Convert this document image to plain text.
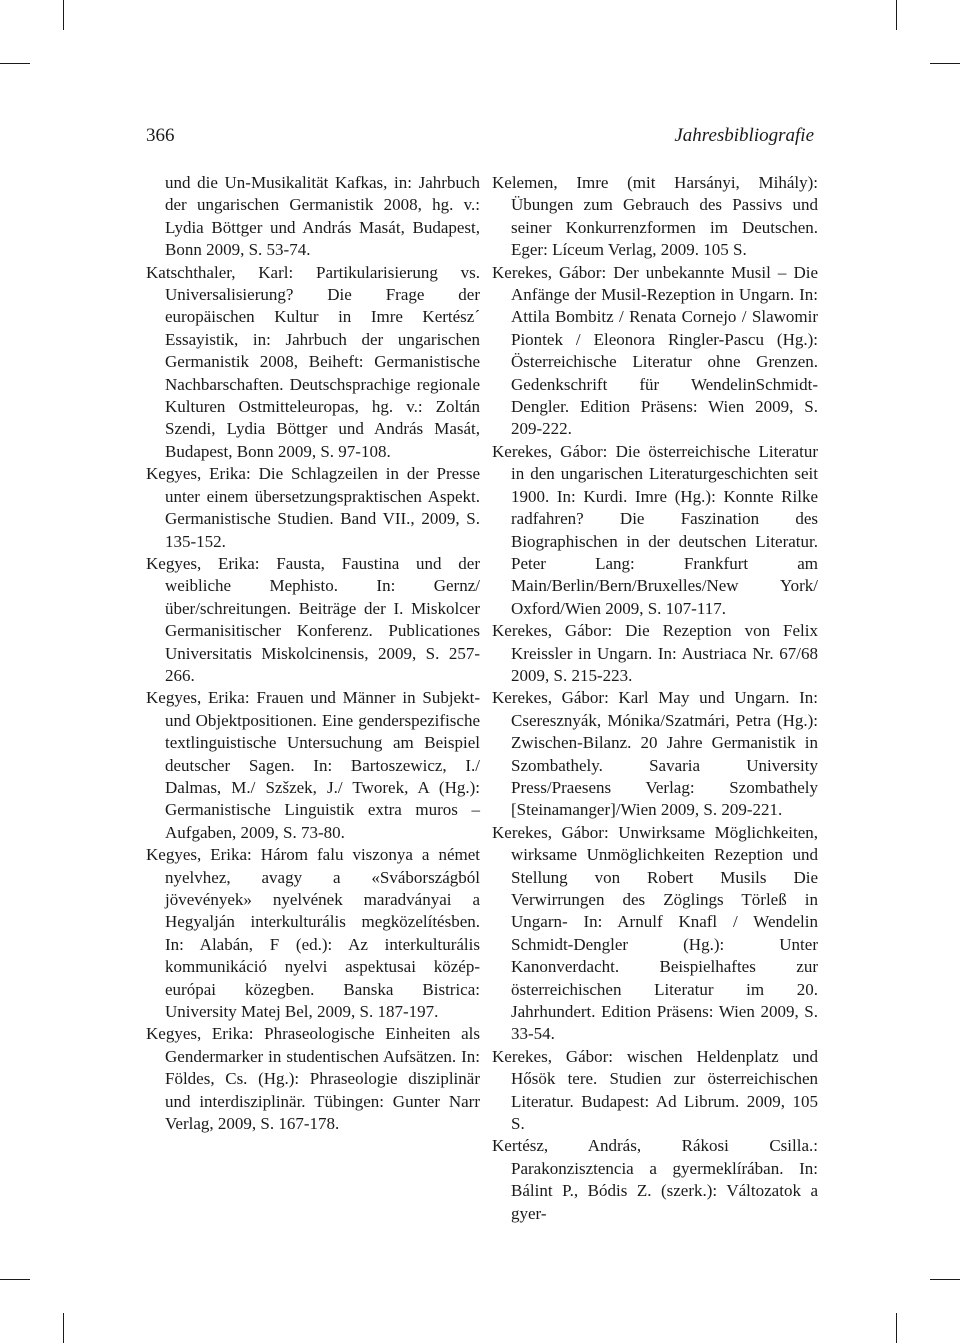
366	Jahresbibliografie

und die Un-Musikalität Kafkas, in: Jahrbuch der ungarischen Germanistik 2008, hg. v.: Lydia Böttger und András Masát, Budapest, Bonn 2009, S. 53-74.

Katschthaler, Karl: Partikularisierung vs. Universalisierung? Die Frage der europäischen Kultur in Imre Kertész´ Essayistik, in: Jahrbuch der ungarischen Germanistik 2008, Beiheft: Germanistische Nachbarschaften. Deutschsprachige regionale Kulturen Ostmitteleuropas, hg. v.: Zoltán Szendi, Lydia Böttger und András Masát, Budapest, Bonn 2009, S. 97-108.

Kegyes, Erika: Die Schlagzeilen in der Presse unter einem übersetzungspraktischen Aspekt. Germanistische Studien. Band VII., 2009, S. 135-152.

Kegyes, Erika: Fausta, Faustina und der weibliche Mephisto. In: Gernz/über/schreitungen. Beiträge der I. Miskolcer Germanisitischer Konferenz. Publicationes Universitatis Miskolcinensis, 2009, S. 257-266.

Kegyes, Erika: Frauen und Männer in Subjekt- und Objektpositionen. Eine genderspezifische textlinguistische Untersuchung am Beispiel deutscher Sagen. In: Bartoszewicz, I./ Dalmas, M./ Szšzek, J./ Tworek, A (Hg.): Germanistische Linguistik extra muros – Aufgaben, 2009, S. 73-80.

Kegyes, Erika: Három falu viszonya a német nyelvhez, avagy a «Svábországból jövevények» nyelvének maradványai a Hegyalján interkulturális megközelítésben. In: Alabán, F (ed.): Az interkulturális kommunikáció nyelvi aspektusai közép-európai közegben. Banska Bistrica: University Matej Bel, 2009, S. 187-197.

Kegyes, Erika: Phraseologische Einheiten als Gendermarker in studentischen Aufsätzen. In: Földes, Cs. (Hg.): Phraseologie disziplinär und interdisziplinär. Tübingen: Gunter Narr Verlag, 2009, S. 167-178.

Kelemen, Imre (mit Harsányi, Mihály): Übungen zum Gebrauch des Passivs und seiner Konkurrenzformen im Deutschen. Eger: Líceum Verlag, 2009. 105 S.

Kerekes, Gábor: Der unbekannte Musil – Die Anfänge der Musil-Rezeption in Ungarn. In: Attila Bombitz / Renata Cornejo / Slawomir Piontek / Eleonora Ringler-Pascu (Hg.): Österreichische Literatur ohne Grenzen. Gedenkschrift für WendelinSchmidt-Dengler. Edition Präsens: Wien 2009, S. 209-222.

Kerekes, Gábor: Die österreichische Literatur in den ungarischen Literaturgeschichten seit 1900. In: Kurdi. Imre (Hg.): Konnte Rilke radfahren? Die Faszination des Biographischen in der deutschen Literatur. Peter Lang: Frankfurt am Main/Berlin/Bern/Bruxelles/New York/ Oxford/Wien 2009, S. 107-117.

Kerekes, Gábor: Die Rezeption von Felix Kreissler in Ungarn. In: Austriaca Nr. 67/68 2009, S. 215-223.

Kerekes, Gábor: Karl May und Ungarn. In: Cseresznyák, Mónika/Szatmári, Petra (Hg.): Zwischen-Bilanz. 20 Jahre Germanistik in Szombathely. Savaria University Press/Praesens Verlag: Szombathely [Steinamanger]/Wien 2009, S. 209-221.

Kerekes, Gábor: Unwirksame Möglichkeiten, wirksame Unmöglichkeiten Rezeption und Stellung von Robert Musils Die Verwirrungen des Zöglings Törleß in Ungarn- In: Arnulf Knafl / Wendelin Schmidt-Dengler (Hg.): Unter Kanonverdacht. Beispielhaftes zur österreichischen Literatur im 20. Jahrhundert. Edition Präsens: Wien 2009, S. 33-54.

Kerekes, Gábor: wischen Heldenplatz und Hősök tere. Studien zur österreichischen Literatur. Budapest: Ad Librum. 2009, 105 S.

Kertész, András, Rákosi Csilla.: Parakonzisztencia a gyermeklírában. In: Bálint P., Bódis Z. (szerk.): Változatok a gyer-
